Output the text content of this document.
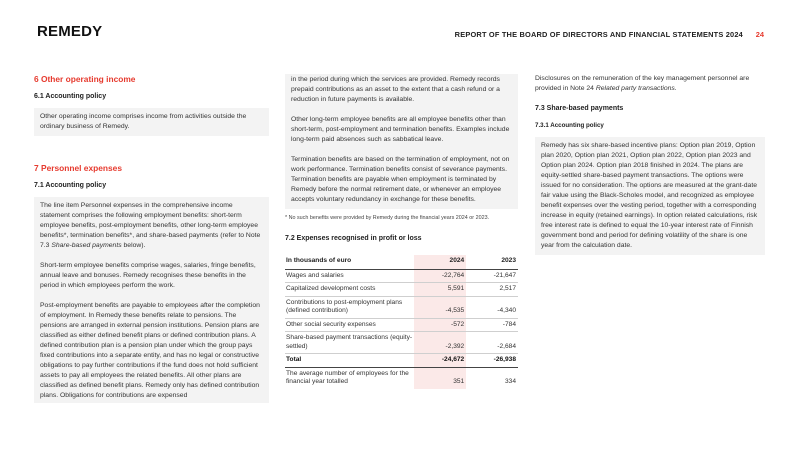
REMEDY	REPORT OF THE BOARD OF DIRECTORS AND FINANCIAL STATEMENTS 2024 24
6 Other operating income
6.1 Accounting policy

Other operating income comprises income from activities outside the ordinary business of Remedy.

7 Personnel expenses
7.1 Accounting policy

The line item Personnel expenses in the comprehensive income statement comprises the following employment benefits: short-term employee benefits, post-employment benefits, other long-term employee benefits*, termination benefits*, and share-based payments (refer to Note 7.3 Share-based payments below).

Short-term employee benefits comprise wages, salaries, fringe benefits, annual leave and bonuses. Remedy recognises these benefits in the period in which employees perform the work.

Post-employment benefits are payable to employees after the completion of employment. In Remedy these benefits relate to pensions. The pensions are arranged in external pension institutions. Pension plans are classified as either defined benefit plans or defined contribution plans. A defined contribution plan is a pension plan under which the group pays fixed contributions into a separate entity, and has no legal or constructive obligations to pay further contributions if the fund does not hold sufficient assets to pay all employees the related benefits. All other plans are classified as defined benefit plans. Remedy only has defined contribution plans. Obligations for contributions are expensed

in the period during which the services are provided. Remedy records prepaid contributions as an asset to the extent that a cash refund or a reduction in future payments is available.

Other long-term employee benefits are all employee benefits other than short-term, post-employment and termination benefits. Examples include long-term paid absences such as sabbatical leave.

Termination benefits are based on the termination of employment, not on work performance. Termination benefits consist of severance payments. Termination benefits are payable when employment is terminated by Remedy before the normal retirement date, or whenever an employee accepts voluntary redundancy in exchange for these benefits.

* No such benefits were provided by Remedy during the financial years 2024 or 2023.
7.2 Expenses recognised in profit or loss
In thousands of euro	2024	2023
Wages and salaries	-22,764	-21,647
Capitalized development costs	5,591	2,517
Contributions to post-employment plans (defined contribution)	-4,535	-4,340
Other social security expenses	-572	-784
Share-based payment transactions (equity-settled)	-2,392	-2,684
Total	-24,672	-26,938
The average number of employees for the financial year totalled	351	334

Disclosures on the remuneration of the key management personnel are provided in Note 24 Related party transactions.

7.3 Share-based payments
7.3.1 Accounting policy

Remedy has six share-based incentive plans: Option plan 2019, Option plan 2020, Option plan 2021, Option plan 2022, Option plan 2023 and Option plan 2024. Option plan 2018 finished in 2024. The plans are equity-settled share-based payment transactions. The options were issued for no consideration. The options are measured at the grant-date fair value using the Black-Scholes model, and recognized as employee benefit expenses over the vesting period, together with a corresponding increase in equity (retained earnings). In option related calculations, risk free interest rate is defined to equal the 10-year interest rate of Finnish government bond and period for defining volatility of the share is one year from the calculation date.
